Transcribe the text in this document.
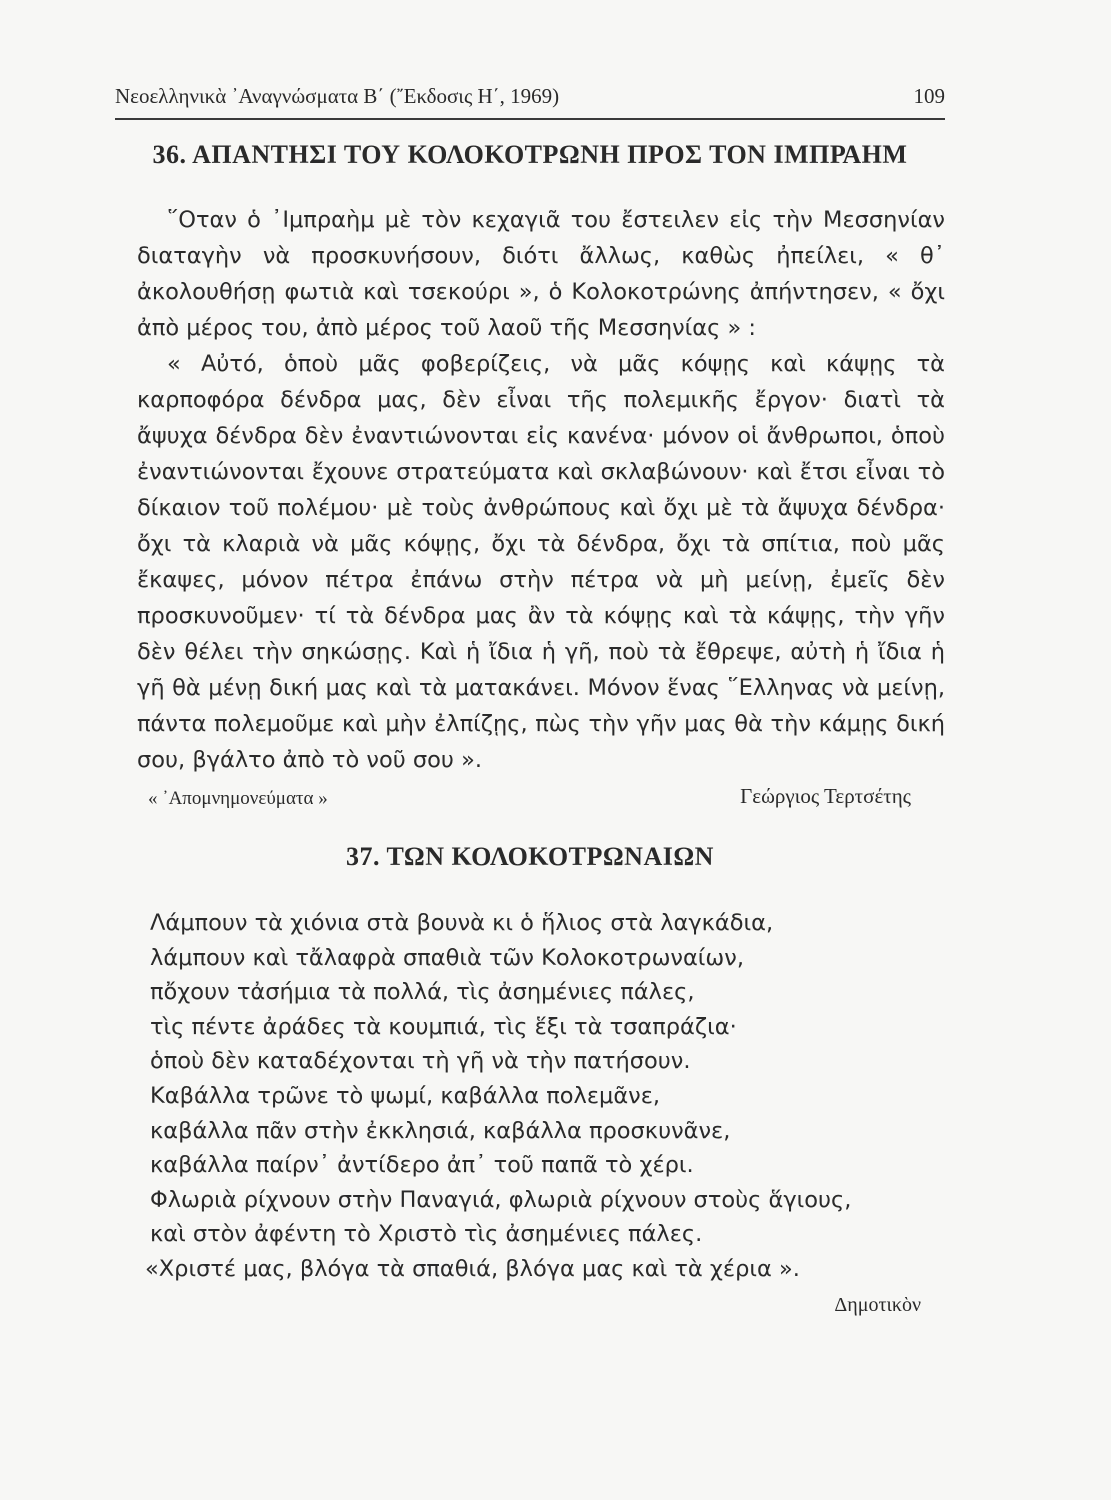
Νεοελληνικὰ ᾿Αναγνώσματα Β΄ (῎Εκδοσις Η΄, 1969)	109
36. ΑΠΑΝΤΗΣΙ ΤΟΥ ΚΟΛΟΚΟΤΡΩΝΗ ΠΡΟΣ ΤΟΝ ΙΜΠΡΑΗΜ

῞Οταν ὁ ᾿Ιμπραὴμ μὲ τὸν κεχαγιᾶ του ἔστειλεν εἰς τὴν Μεσσηνίαν διαταγὴν νὰ προσκυνήσουν, διότι ἄλλως, καθὼς ἠπείλει, « θ᾿ ἀκολουθήσῃ φωτιὰ καὶ τσεκούρι », ὁ Κολοκοτρώνης ἀπήντησεν, « ὄχι ἀπὸ μέρος του, ἀπὸ μέρος τοῦ λαοῦ τῆς Μεσσηνίας » :

« Αὐτό, ὁποὺ μᾶς φοβερίζεις, νὰ μᾶς κόψῃς καὶ κάψῃς τὰ καρποφόρα δένδρα μας, δὲν εἶναι τῆς πολεμικῆς ἔργον· διατὶ τὰ ἄψυχα δένδρα δὲν ἐναντιώνονται εἰς κανένα· μόνον οἱ ἄνθρωποι, ὁποὺ ἐναντιώνονται ἔχουνε στρατεύματα καὶ σκλαβώνουν· καὶ ἔτσι εἶναι τὸ δίκαιον τοῦ πολέμου· μὲ τοὺς ἀνθρώπους καὶ ὄχι μὲ τὰ ἄψυχα δένδρα· ὄχι τὰ κλαριὰ νὰ μᾶς κόψῃς, ὄχι τὰ δένδρα, ὄχι τὰ σπίτια, ποὺ μᾶς ἔκαψες, μόνον πέτρα ἐπάνω στὴν πέτρα νὰ μὴ μείνῃ, ἐμεῖς δὲν προσκυνοῦμεν· τί τὰ δένδρα μας ἂν τὰ κόψῃς καὶ τὰ κάψῃς, τὴν γῆν δὲν θέλει τὴν σηκώσῃς. Καὶ ἡ ἴδια ἡ γῆ, ποὺ τὰ ἔθρεψε, αὐτὴ ἡ ἴδια ἡ γῆ θὰ μένῃ δική μας καὶ τὰ ματακάνει. Μόνον ἕνας ῞Ελληνας νὰ μείνῃ, πάντα πολεμοῦμε καὶ μὴν ἐλπίζῃς, πὼς τὴν γῆν μας θὰ τὴν κάμῃς δική σου, βγάλτο ἀπὸ τὸ νοῦ σου ».

« ᾿Απομνημονεύματα »	Γεώργιος Τερτσέτης
37. ΤΩΝ ΚΟΛΟΚΟΤΡΩΝΑΙΩΝ
Λάμπουν τὰ χιόνια στὰ βουνὰ κι ὁ ἥλιος στὰ λαγκάδια,
λάμπουν καὶ τἄλαφρὰ σπαθιὰ τῶν Κολοκοτρωναίων,
πὄχουν τἀσήμια τὰ πολλά, τὶς ἀσημένιες πάλες,
τὶς πέντε ἀράδες τὰ κουμπιά, τὶς ἕξι τὰ τσαπράζια·
ὁποὺ δὲν καταδέχονται τὴ γῆ νὰ τὴν πατήσουν.
Καβάλλα τρῶνε τὸ ψωμί, καβάλλα πολεμᾶνε,
καβάλλα πᾶν στὴν ἐκκλησιά, καβάλλα προσκυνᾶνε,
καβάλλα παίρν᾿ ἀντίδερο ἀπ᾿ τοῦ παπᾶ τὸ χέρι.
Φλωριὰ ρίχνουν στὴν Παναγιά, φλωριὰ ρίχνουν στοὺς ἅγιους,
καὶ στὸν ἀφέντη τὸ Χριστὸ τὶς ἀσημένιες πάλες.
«Χριστέ μας, βλόγα τὰ σπαθιά, βλόγα μας καὶ τὰ χέρια ».
Δημοτικὸν
